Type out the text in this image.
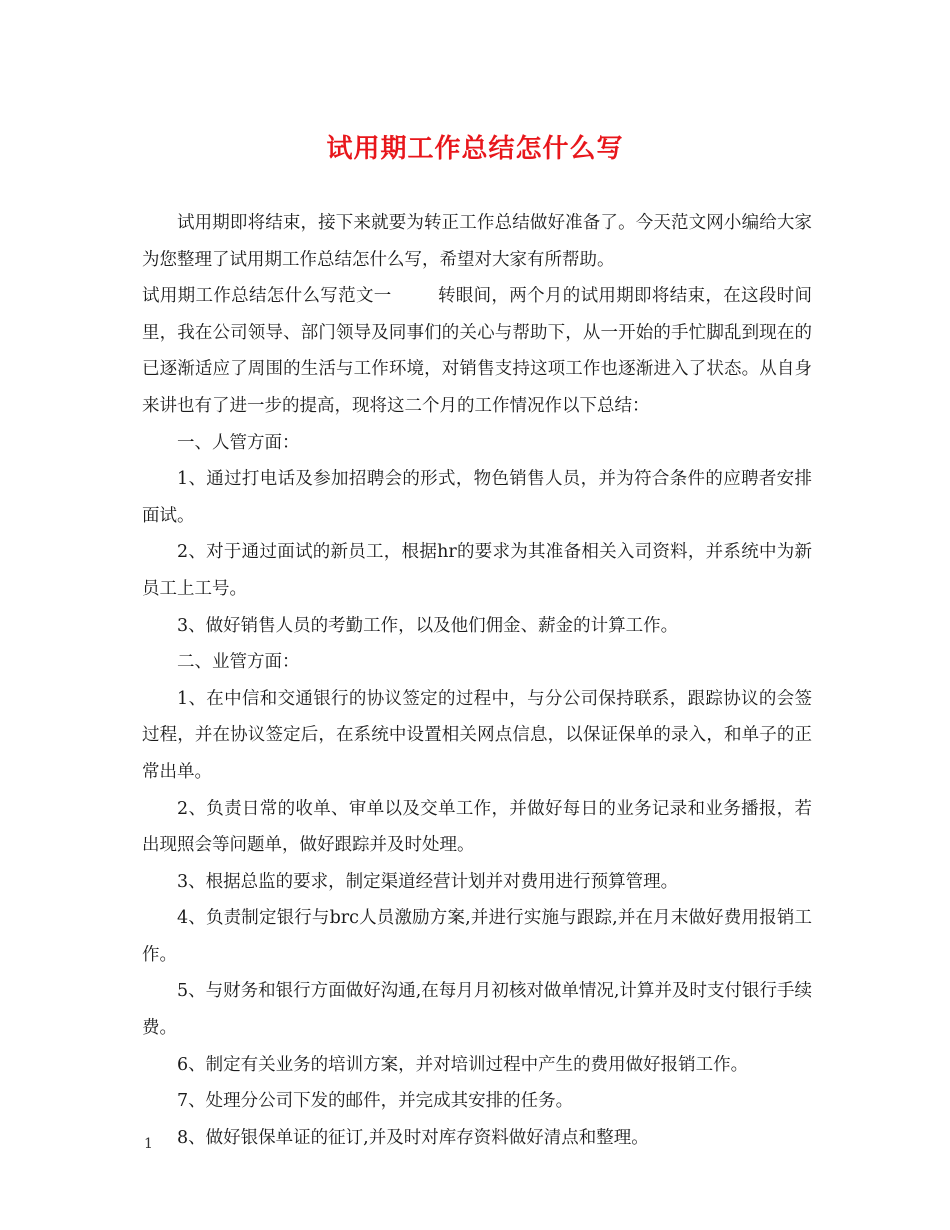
试用期工作总结怎什么写

试用期即将结束，接下来就要为转正工作总结做好准备了。今天范文网小编给大家为您整理了试用期工作总结怎什么写，希望对大家有所帮助。

试用期工作总结怎什么写范文一	转眼间，两个月的试用期即将结束，在这段时间里，我在公司领导、部门领导及同事们的关心与帮助下，从一开始的手忙脚乱到现在的已逐渐适应了周围的生活与工作环境，对销售支持这项工作也逐渐进入了状态。从自身来讲也有了进一步的提高，现将这二个月的工作情况作以下总结：

一、人管方面：

1、通过打电话及参加招聘会的形式，物色销售人员，并为符合条件的应聘者安排面试。

2、对于通过面试的新员工，根据hr的要求为其准备相关入司资料，并系统中为新员工上工号。

3、做好销售人员的考勤工作，以及他们佣金、薪金的计算工作。

二、业管方面：

1、在中信和交通银行的协议签定的过程中，与分公司保持联系，跟踪协议的会签过程，并在协议签定后，在系统中设置相关网点信息，以保证保单的录入，和单子的正常出单。

2、负责日常的收单、审单以及交单工作，并做好每日的业务记录和业务播报，若出现照会等问题单，做好跟踪并及时处理。

3、根据总监的要求，制定渠道经营计划并对费用进行预算管理。

4、负责制定银行与brc人员激励方案,并进行实施与跟踪,并在月末做好费用报销工作。

5、与财务和银行方面做好沟通,在每月月初核对做单情况,计算并及时支付银行手续费。

6、制定有关业务的培训方案，并对培训过程中产生的费用做好报销工作。

7、处理分公司下发的邮件，并完成其安排的任务。

8、做好银保单证的征订,并及时对库存资料做好清点和整理。

1
